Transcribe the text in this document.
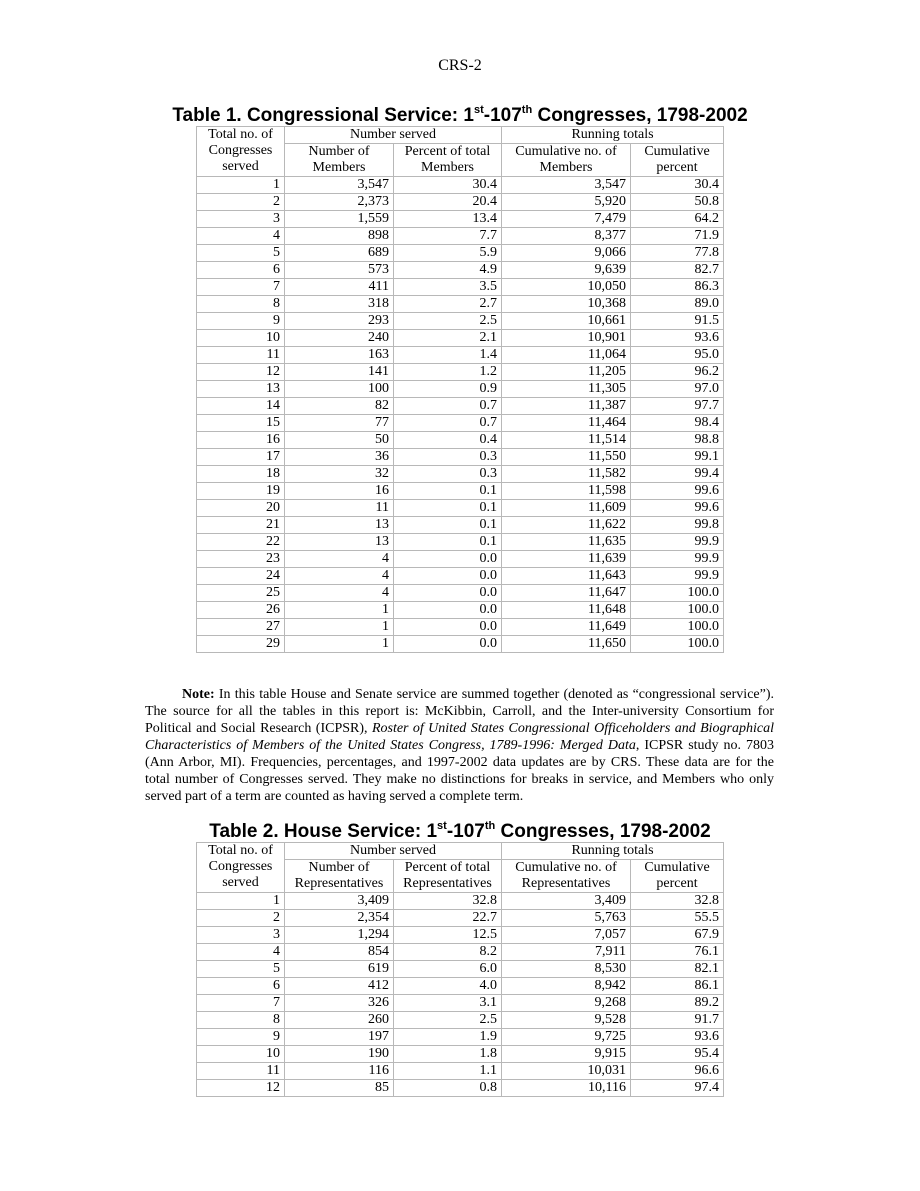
CRS-2
Table 1. Congressional Service: 1st-107th Congresses, 1798-2002
Total no. of Congresses served	Number served		Running totals	
	Number of Members	Percent of total Members	Cumulative no. of Members	Cumulative percent
1	3,547	30.4	3,547	30.4
2	2,373	20.4	5,920	50.8
3	1,559	13.4	7,479	64.2
4	898	7.7	8,377	71.9
5	689	5.9	9,066	77.8
6	573	4.9	9,639	82.7
7	411	3.5	10,050	86.3
8	318	2.7	10,368	89.0
9	293	2.5	10,661	91.5
10	240	2.1	10,901	93.6
11	163	1.4	11,064	95.0
12	141	1.2	11,205	96.2
13	100	0.9	11,305	97.0
14	82	0.7	11,387	97.7
15	77	0.7	11,464	98.4
16	50	0.4	11,514	98.8
17	36	0.3	11,550	99.1
18	32	0.3	11,582	99.4
19	16	0.1	11,598	99.6
20	11	0.1	11,609	99.6
21	13	0.1	11,622	99.8
22	13	0.1	11,635	99.9
23	4	0.0	11,639	99.9
24	4	0.0	11,643	99.9
25	4	0.0	11,647	100.0
26	1	0.0	11,648	100.0
27	1	0.0	11,649	100.0
29	1	0.0	11,650	100.0
Note: In this table House and Senate service are summed together (denoted as “congressional service”). The source for all the tables in this report is: McKibbin, Carroll, and the Inter-university Consortium for Political and Social Research (ICPSR), Roster of United States Congressional Officeholders and Biographical Characteristics of Members of the United States Congress, 1789-1996: Merged Data, ICPSR study no. 7803 (Ann Arbor, MI). Frequencies, percentages, and 1997-2002 data updates are by CRS. These data are for the total number of Congresses served. They make no distinctions for breaks in service, and Members who only served part of a term are counted as having served a complete term.
Table 2. House Service: 1st-107th Congresses, 1798-2002
Total no. of Congresses served	Number served		Running totals	
	Number of Representatives	Percent of total Representatives	Cumulative no. of Representatives	Cumulative percent
1	3,409	32.8	3,409	32.8
2	2,354	22.7	5,763	55.5
3	1,294	12.5	7,057	67.9
4	854	8.2	7,911	76.1
5	619	6.0	8,530	82.1
6	412	4.0	8,942	86.1
7	326	3.1	9,268	89.2
8	260	2.5	9,528	91.7
9	197	1.9	9,725	93.6
10	190	1.8	9,915	95.4
11	116	1.1	10,031	96.6
12	85	0.8	10,116	97.4
